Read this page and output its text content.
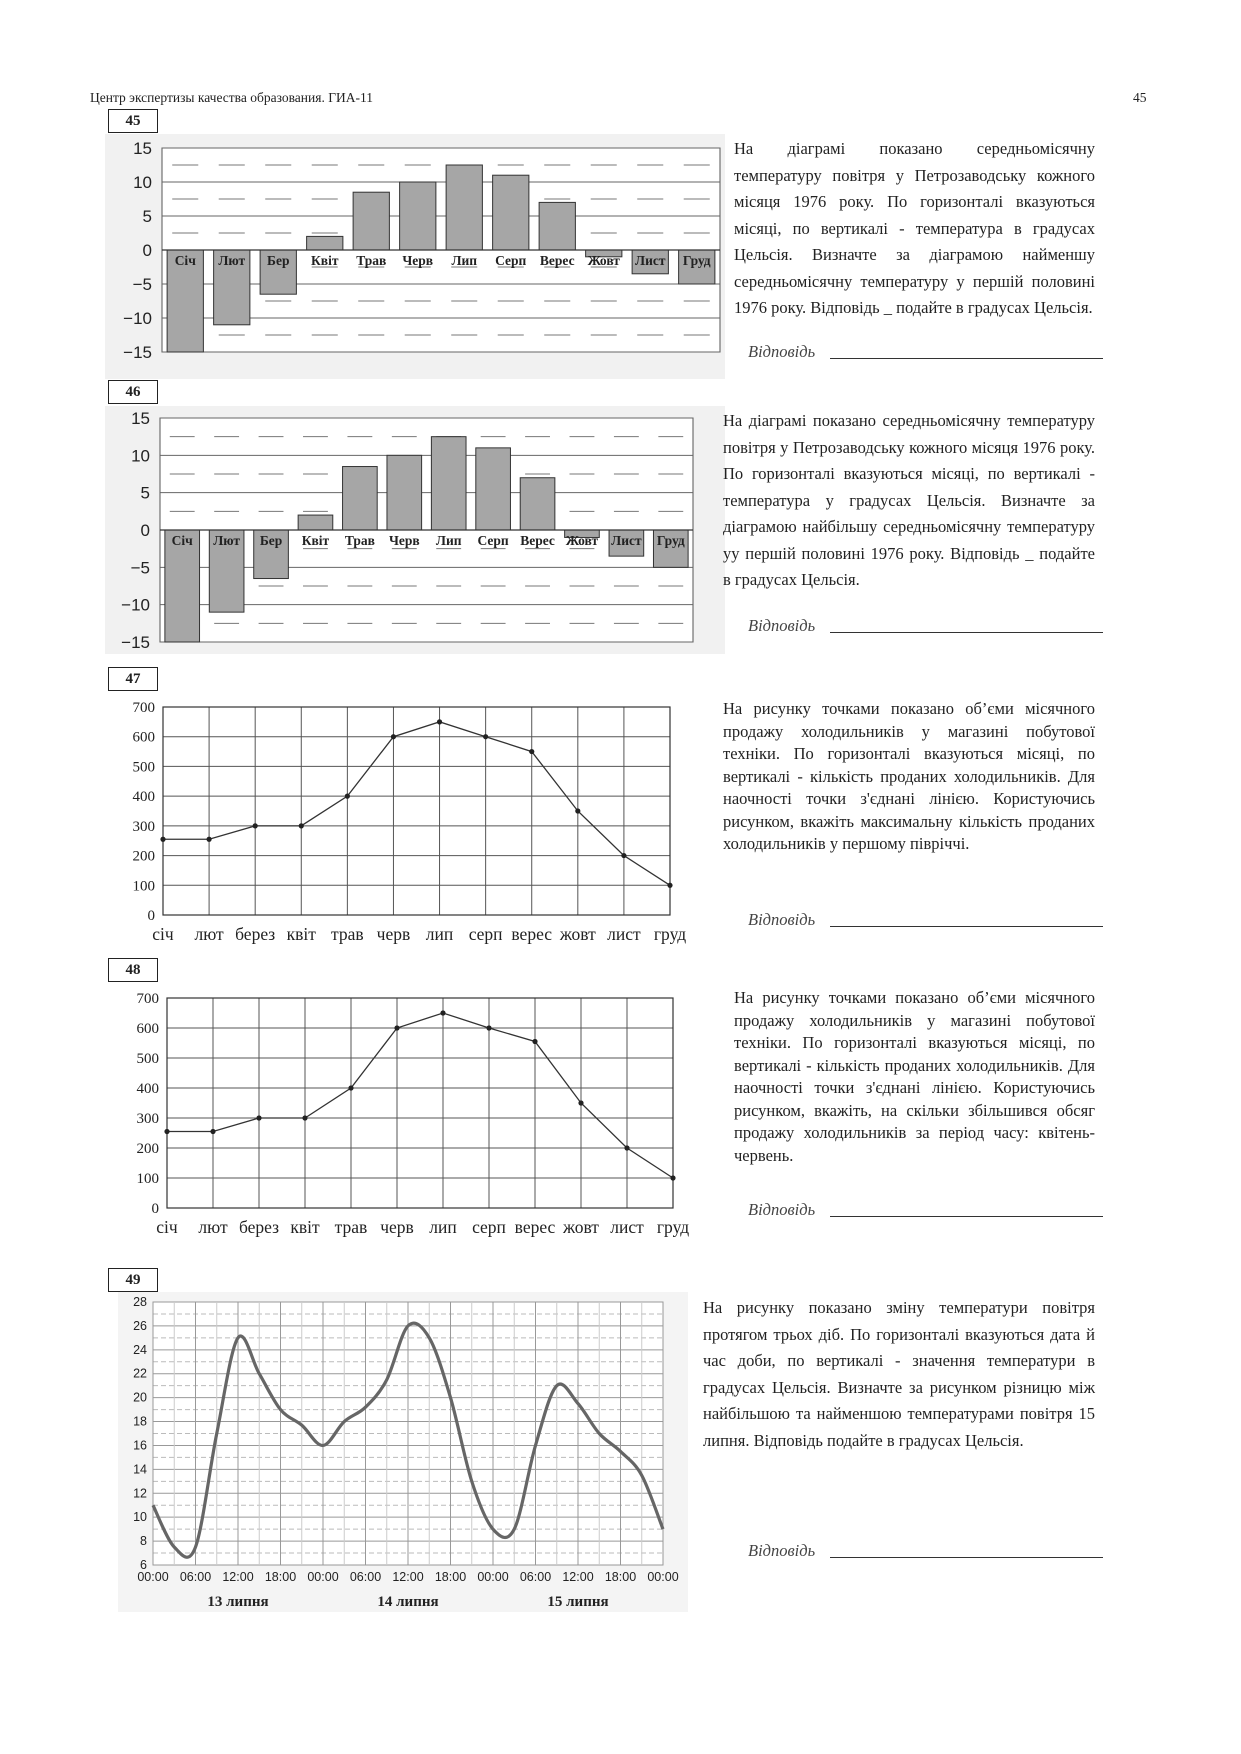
Центр экспертизы качества образования. ГИА-11	45
45
15
10
5
0
−5
−10
−15
Січ Лют Бер Квіт Трав Черв Лип Серп Верес Жовт Лист Груд
На діаграмі показано середньомісячну температуру повітря у Петрозаводську кожного місяця 1976 року. По горизонталі вказуються місяці, по вертикалі - температура в градусах Цельсія. Визначте за діаграмою найменшу середньомісячну температуру у першій половині 1976 року. Відповідь _ подайте в градусах Цельсія.
Відповідь
46
15
10
5
0
−5
−10
−15
Січ Лют Бер Квіт Трав Черв Лип Серп Верес Жовт Лист Груд
На діаграмі показано середньомісячну температуру повітря у Петрозаводську кожного місяця 1976 року. По горизонталі вказуються місяці, по вертикалі - температура у градусах Цельсія. Визначте за діаграмою найбільшу середньомісячну температуру уу першій половині 1976 року. Відповідь _ подайте в градусах Цельсія.
Відповідь
47
0
100
200
300
400
500
600
700
січ лют берез квіт трав черв лип серп верес жовт лист груд
На рисунку точками показано об’єми місячного продажу холодильників у магазині побутової техніки. По горизонталі вказуються місяці, по вертикалі - кількість проданих холодильників. Для наочності точки з'єднані лінією. Користуючись рисунком, вкажіть максимальну кількість проданих холодильників у першому півріччі.
Відповідь
48
0
100
200
300
400
500
600
700
січ лют берез квіт трав черв лип серп верес жовт лист груд
На рисунку точками показано об’єми місячного продажу холодильників у магазині побутової техніки. По горизонталі вказуються місяці, по вертикалі - кількість проданих холодильників. Для наочності точки з'єднані лінією. Користуючись рисунком, вкажіть, на скільки збільшився обсяг продажу холодильників за період часу: квітень-червень.
Відповідь
49
6
8
10
12
14
16
18
20
22
24
26
28
00:00 06:00 12:00 18:00 00:00 06:00 12:00 18:00 00:00 06:00 12:00 18:00 00:00
13 липня	14 липня	15 липня
На рисунку показано зміну температури повітря протягом трьох діб. По горизонталі вказуються дата й час доби, по вертикалі - значення температури в градусах Цельсія. Визначте за рисунком різницю між найбільшою та найменшою температурами повітря 15 липня. Відповідь подайте в градусах Цельсія.
Відповідь
